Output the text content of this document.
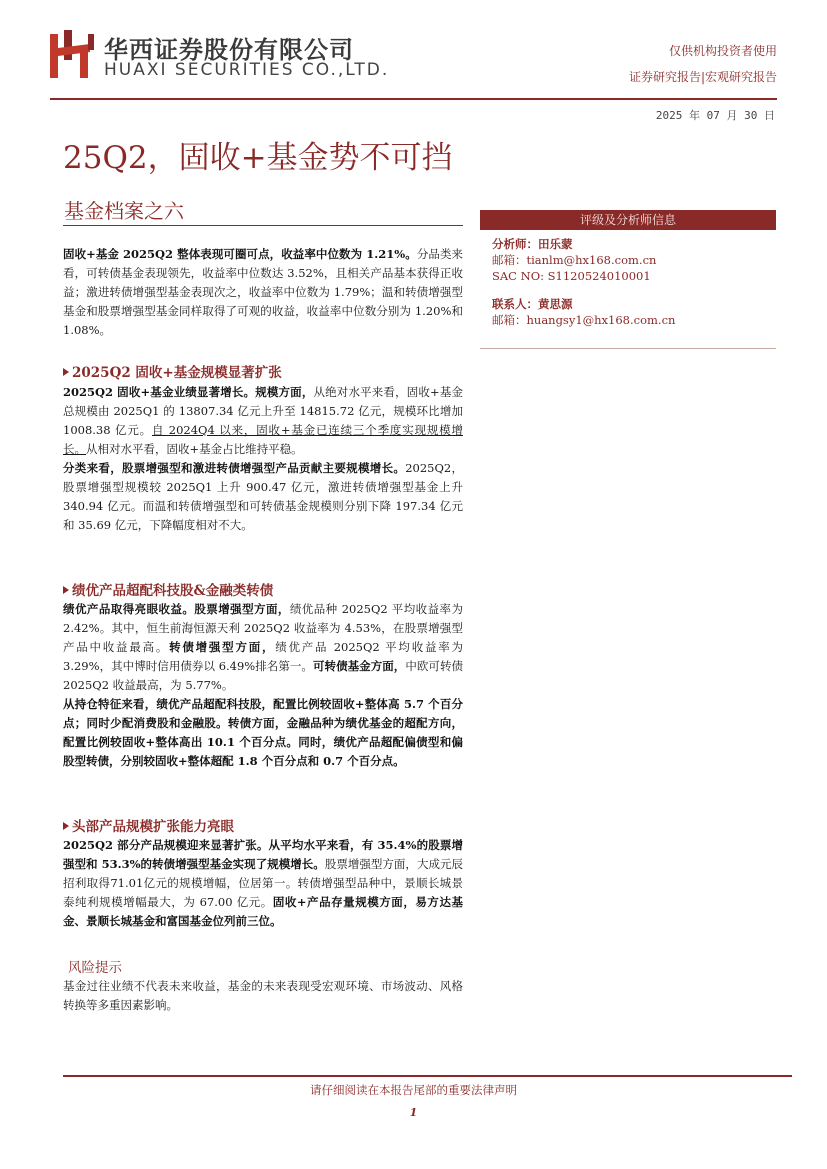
华西证券股份有限公司
HUAXI SECURITIES CO.,LTD.
仅供机构投资者使用
证券研究报告|宏观研究报告
2025 年 07 月 30 日
25Q2，固收+基金势不可挡
基金档案之六	评级及分析师信息
分析师：田乐蒙
邮箱：tianlm@hx168.com.cn
SAC NO: S1120524010001
联系人：黄思源
邮箱：huangsy1@hx168.com.cn

固收+基金 2025Q2 整体表现可圈可点，收益率中位数为 1.21%。分品类来看，可转债基金表现领先，收益率中位数达 3.52%，且相关产品基本获得正收益；激进转债增强型基金表现次之，收益率中位数为 1.79%；温和转债增强型基金和股票增强型基金同样取得了可观的收益，收益率中位数分别为 1.20%和 1.08%。

2025Q2 固收+基金规模显著扩张

2025Q2 固收+基金业绩显著增长。规模方面，从绝对水平来看，固收+基金总规模由 2025Q1 的 13807.34 亿元上升至 14815.72 亿元，规模环比增加 1008.38 亿元。自 2024Q4 以来，固收+基金已连续三个季度实现规模增长。从相对水平看，固收+基金占比维持平稳。

分类来看，股票增强型和激进转债增强型产品贡献主要规模增长。2025Q2，股票增强型规模较 2025Q1 上升 900.47 亿元，激进转债增强型基金上升 340.94 亿元。而温和转债增强型和可转债基金规模则分别下降 197.34 亿元和 35.69 亿元，下降幅度相对不大。

绩优产品超配科技股&金融类转债

绩优产品取得亮眼收益。股票增强型方面，绩优品种 2025Q2 平均收益率为 2.42%。其中，恒生前海恒源天利 2025Q2 收益率为 4.53%，在股票增强型产品中收益最高。转债增强型方面，绩优产品 2025Q2 平均收益率为 3.29%，其中博时信用债券以 6.49%排名第一。可转债基金方面，中欧可转债 2025Q2 收益最高，为 5.77%。

从持仓特征来看，绩优产品超配科技股，配置比例较固收+整体高 5.7 个百分点；同时少配消费股和金融股。转债方面，金融品种为绩优基金的超配方向，配置比例较固收+整体高出 10.1 个百分点。同时，绩优产品超配偏债型和偏股型转债，分别较固收+整体超配 1.8 个百分点和 0.7 个百分点。

头部产品规模扩张能力亮眼

2025Q2 部分产品规模迎来显著扩张。从平均水平来看，有 35.4%的股票增强型和 53.3%的转债增强型基金实现了规模增长。股票增强型方面，大成元辰招利取得71.01亿元的规模增幅，位居第一。转债增强型品种中，景顺长城景泰纯利规模增幅最大，为 67.00 亿元。固收+产品存量规模方面，易方达基金、景顺长城基金和富国基金位列前三位。

风险提示
基金过往业绩不代表未来收益，基金的未来表现受宏观环境、市场波动、风格转换等多重因素影响。
请仔细阅读在本报告尾部的重要法律声明
1
